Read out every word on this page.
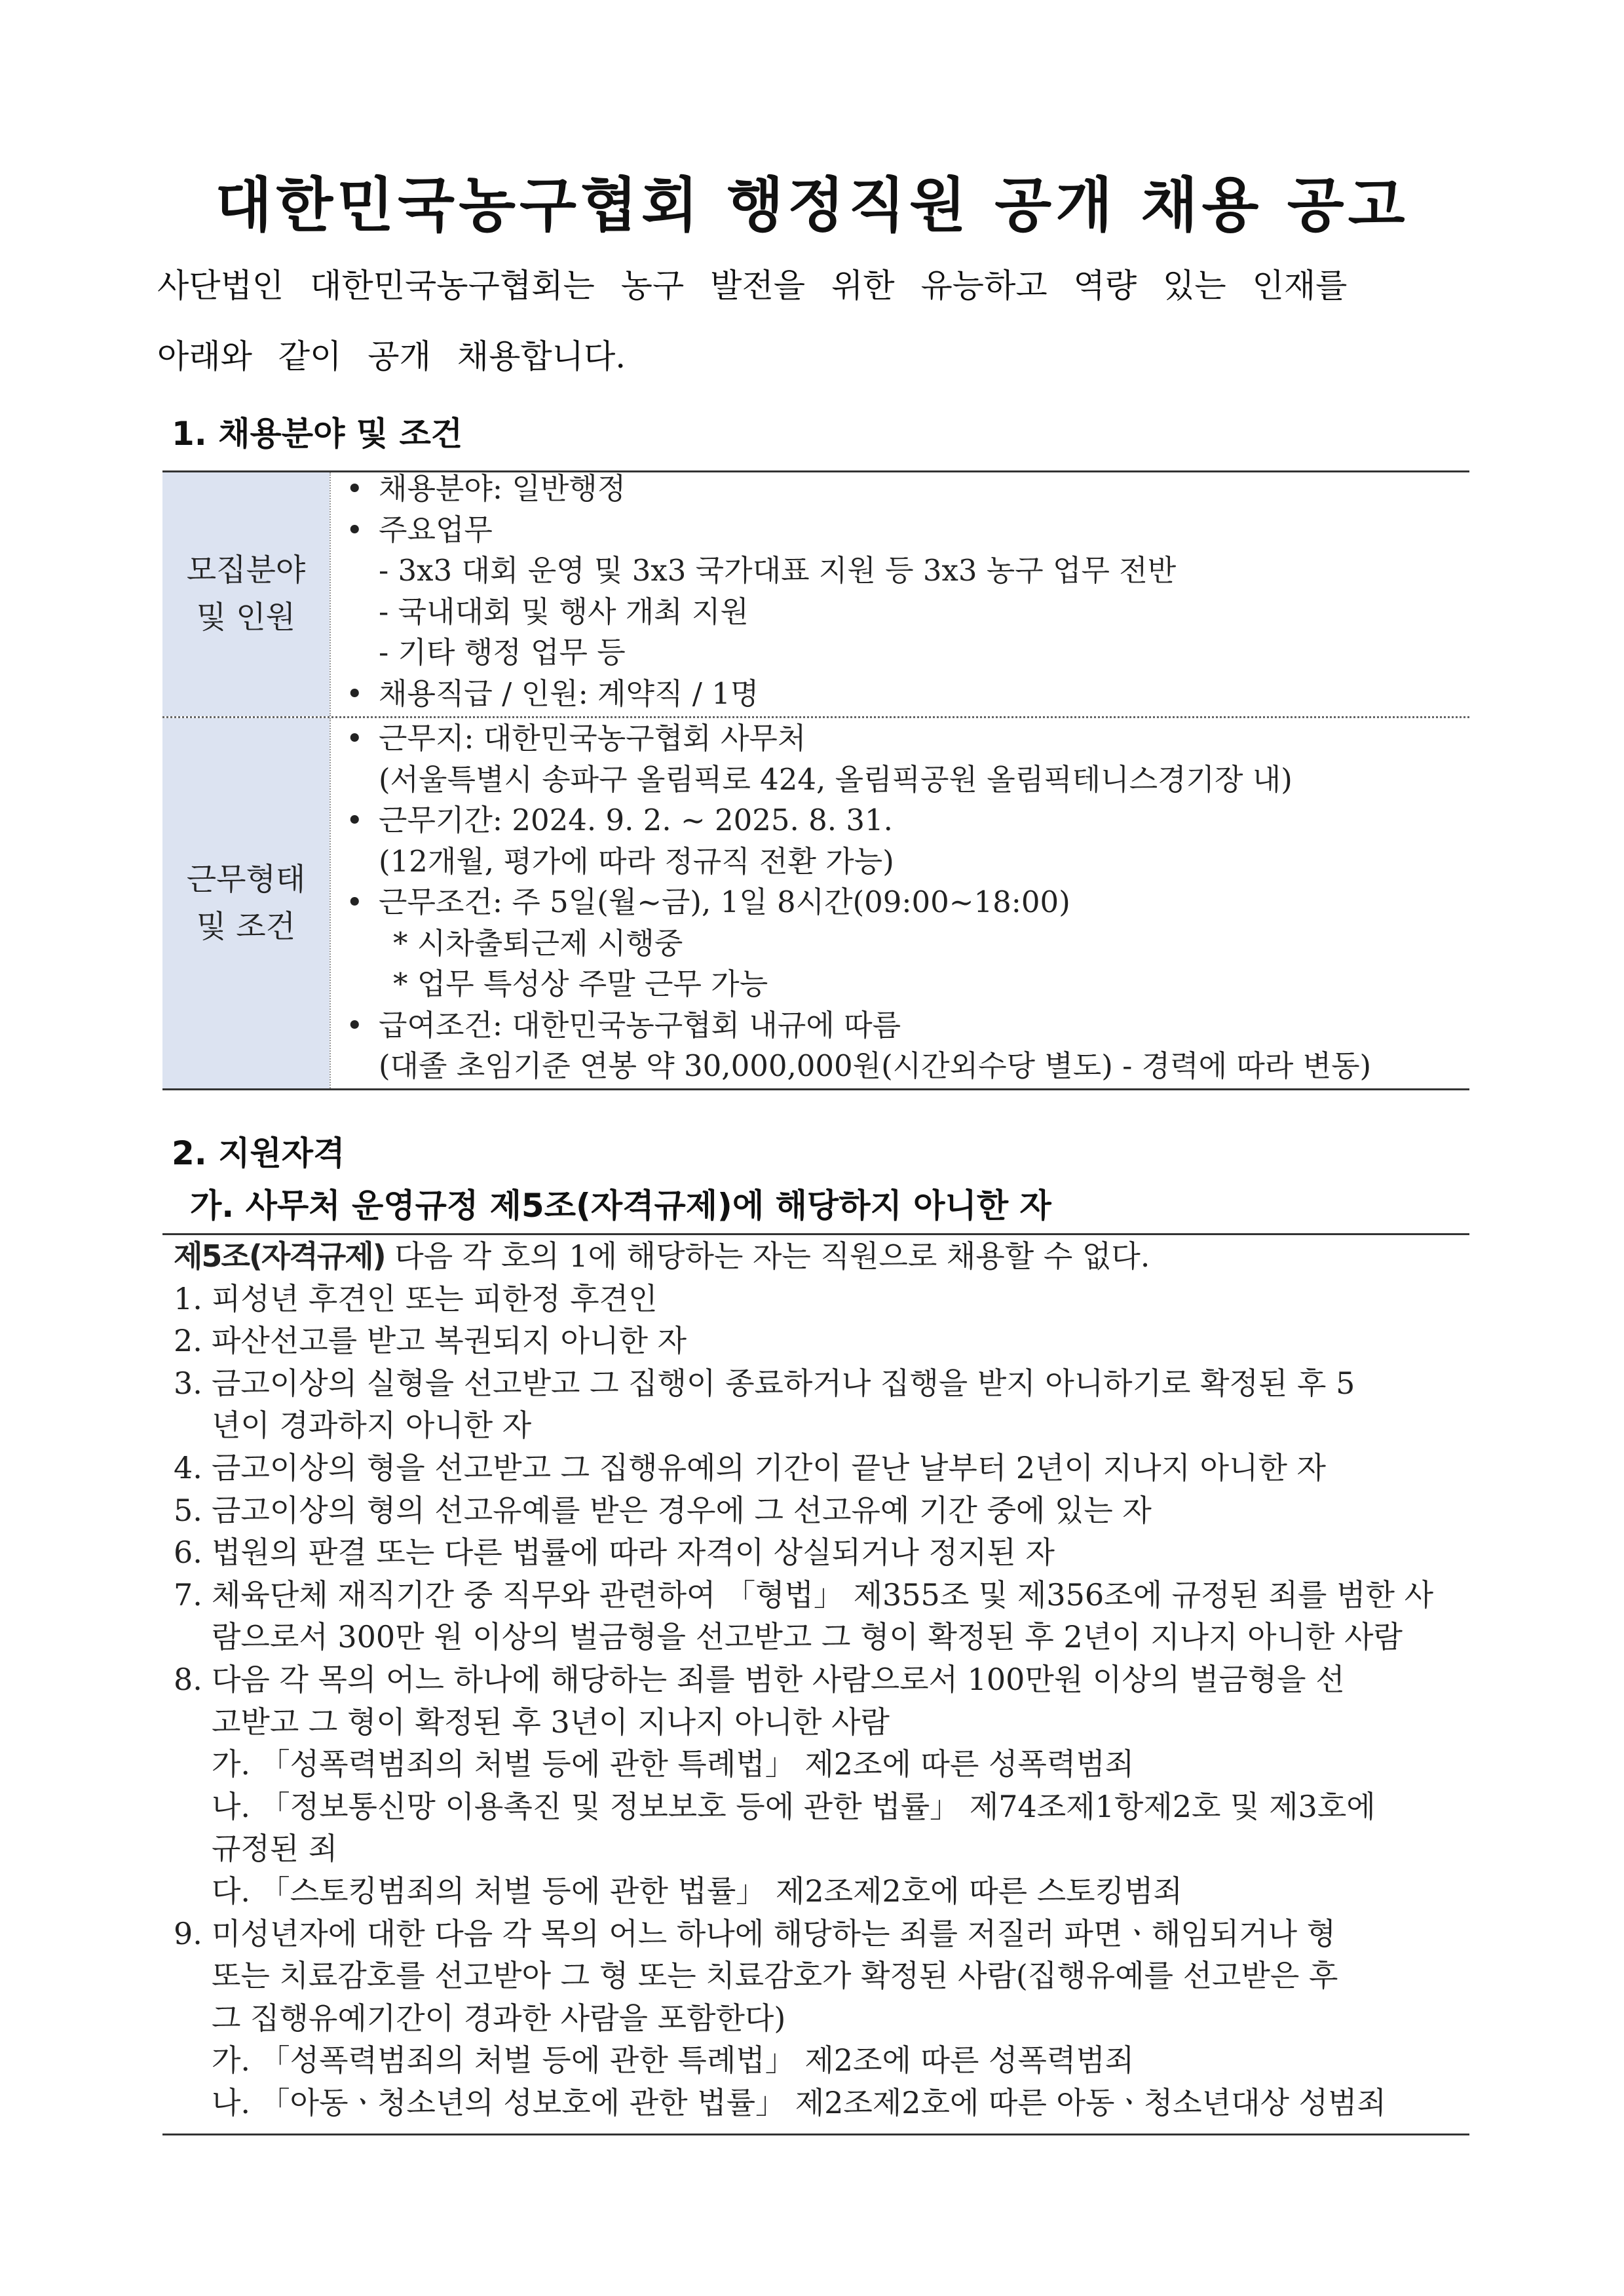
대한민국농구협회 행정직원 공개 채용 공고
사단법인 대한민국농구협회는 농구 발전을 위한 유능하고 역량 있는 인재를
아래와 같이 공개 채용합니다.
1. 채용분야 및 조건
모집분야
및 인원
• 채용분야: 일반행정
• 주요업무
- 3x3 대회 운영 및 3x3 국가대표 지원 등 3x3 농구 업무 전반
- 국내대회 및 행사 개최 지원
- 기타 행정 업무 등
• 채용직급 / 인원: 계약직 / 1명
근무형태
및 조건
• 근무지: 대한민국농구협회 사무처
(서울특별시 송파구 올림픽로 424, 올림픽공원 올림픽테니스경기장 내)
• 근무기간: 2024. 9. 2. ~ 2025. 8. 31.
(12개월, 평가에 따라 정규직 전환 가능)
• 근무조건: 주 5일(월~금), 1일 8시간(09:00~18:00)
* 시차출퇴근제 시행중
* 업무 특성상 주말 근무 가능
• 급여조건: 대한민국농구협회 내규에 따름
(대졸 초임기준 연봉 약 30,000,000원(시간외수당 별도) - 경력에 따라 변동)
2. 지원자격
가. 사무처 운영규정 제5조(자격규제)에 해당하지 아니한 자
제5조(자격규제) 다음 각 호의 1에 해당하는 자는 직원으로 채용할 수 없다.
1. 피성년 후견인 또는 피한정 후견인
2. 파산선고를 받고 복권되지 아니한 자
3. 금고이상의 실형을 선고받고 그 집행이 종료하거나 집행을 받지 아니하기로 확정된 후 5
년이 경과하지 아니한 자
4. 금고이상의 형을 선고받고 그 집행유예의 기간이 끝난 날부터 2년이 지나지 아니한 자
5. 금고이상의 형의 선고유예를 받은 경우에 그 선고유예 기간 중에 있는 자
6. 법원의 판결 또는 다른 법률에 따라 자격이 상실되거나 정지된 자
7. 체육단체 재직기간 중 직무와 관련하여 「형법」 제355조 및 제356조에 규정된 죄를 범한 사
람으로서 300만 원 이상의 벌금형을 선고받고 그 형이 확정된 후 2년이 지나지 아니한 사람
8. 다음 각 목의 어느 하나에 해당하는 죄를 범한 사람으로서 100만원 이상의 벌금형을 선
고받고 그 형이 확정된 후 3년이 지나지 아니한 사람
가. 「성폭력범죄의 처벌 등에 관한 특례법」 제2조에 따른 성폭력범죄
나. 「정보통신망 이용촉진 및 정보보호 등에 관한 법률」 제74조제1항제2호 및 제3호에
규정된 죄
다. 「스토킹범죄의 처벌 등에 관한 법률」 제2조제2호에 따른 스토킹범죄
9. 미성년자에 대한 다음 각 목의 어느 하나에 해당하는 죄를 저질러 파면ㆍ해임되거나 형
또는 치료감호를 선고받아 그 형 또는 치료감호가 확정된 사람(집행유예를 선고받은 후
그 집행유예기간이 경과한 사람을 포함한다)
가. 「성폭력범죄의 처벌 등에 관한 특례법」 제2조에 따른 성폭력범죄
나. 「아동ㆍ청소년의 성보호에 관한 법률」 제2조제2호에 따른 아동ㆍ청소년대상 성범죄
